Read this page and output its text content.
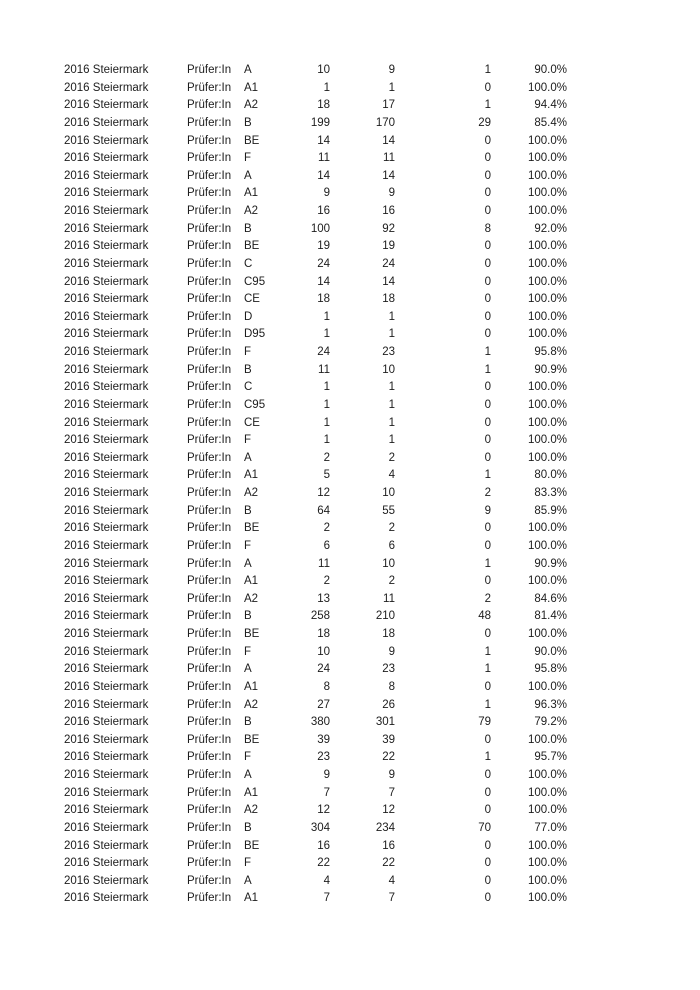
2016 Steiermark	Prüfer:In	A	10	9	1	90.0%
2016 Steiermark	Prüfer:In	A1	1	1	0	100.0%
2016 Steiermark	Prüfer:In	A2	18	17	1	94.4%
2016 Steiermark	Prüfer:In	B	199	170	29	85.4%
2016 Steiermark	Prüfer:In	BE	14	14	0	100.0%
2016 Steiermark	Prüfer:In	F	11	11	0	100.0%
2016 Steiermark	Prüfer:In	A	14	14	0	100.0%
2016 Steiermark	Prüfer:In	A1	9	9	0	100.0%
2016 Steiermark	Prüfer:In	A2	16	16	0	100.0%
2016 Steiermark	Prüfer:In	B	100	92	8	92.0%
2016 Steiermark	Prüfer:In	BE	19	19	0	100.0%
2016 Steiermark	Prüfer:In	C	24	24	0	100.0%
2016 Steiermark	Prüfer:In	C95	14	14	0	100.0%
2016 Steiermark	Prüfer:In	CE	18	18	0	100.0%
2016 Steiermark	Prüfer:In	D	1	1	0	100.0%
2016 Steiermark	Prüfer:In	D95	1	1	0	100.0%
2016 Steiermark	Prüfer:In	F	24	23	1	95.8%
2016 Steiermark	Prüfer:In	B	11	10	1	90.9%
2016 Steiermark	Prüfer:In	C	1	1	0	100.0%
2016 Steiermark	Prüfer:In	C95	1	1	0	100.0%
2016 Steiermark	Prüfer:In	CE	1	1	0	100.0%
2016 Steiermark	Prüfer:In	F	1	1	0	100.0%
2016 Steiermark	Prüfer:In	A	2	2	0	100.0%
2016 Steiermark	Prüfer:In	A1	5	4	1	80.0%
2016 Steiermark	Prüfer:In	A2	12	10	2	83.3%
2016 Steiermark	Prüfer:In	B	64	55	9	85.9%
2016 Steiermark	Prüfer:In	BE	2	2	0	100.0%
2016 Steiermark	Prüfer:In	F	6	6	0	100.0%
2016 Steiermark	Prüfer:In	A	11	10	1	90.9%
2016 Steiermark	Prüfer:In	A1	2	2	0	100.0%
2016 Steiermark	Prüfer:In	A2	13	11	2	84.6%
2016 Steiermark	Prüfer:In	B	258	210	48	81.4%
2016 Steiermark	Prüfer:In	BE	18	18	0	100.0%
2016 Steiermark	Prüfer:In	F	10	9	1	90.0%
2016 Steiermark	Prüfer:In	A	24	23	1	95.8%
2016 Steiermark	Prüfer:In	A1	8	8	0	100.0%
2016 Steiermark	Prüfer:In	A2	27	26	1	96.3%
2016 Steiermark	Prüfer:In	B	380	301	79	79.2%
2016 Steiermark	Prüfer:In	BE	39	39	0	100.0%
2016 Steiermark	Prüfer:In	F	23	22	1	95.7%
2016 Steiermark	Prüfer:In	A	9	9	0	100.0%
2016 Steiermark	Prüfer:In	A1	7	7	0	100.0%
2016 Steiermark	Prüfer:In	A2	12	12	0	100.0%
2016 Steiermark	Prüfer:In	B	304	234	70	77.0%
2016 Steiermark	Prüfer:In	BE	16	16	0	100.0%
2016 Steiermark	Prüfer:In	F	22	22	0	100.0%
2016 Steiermark	Prüfer:In	A	4	4	0	100.0%
2016 Steiermark	Prüfer:In	A1	7	7	0	100.0%
